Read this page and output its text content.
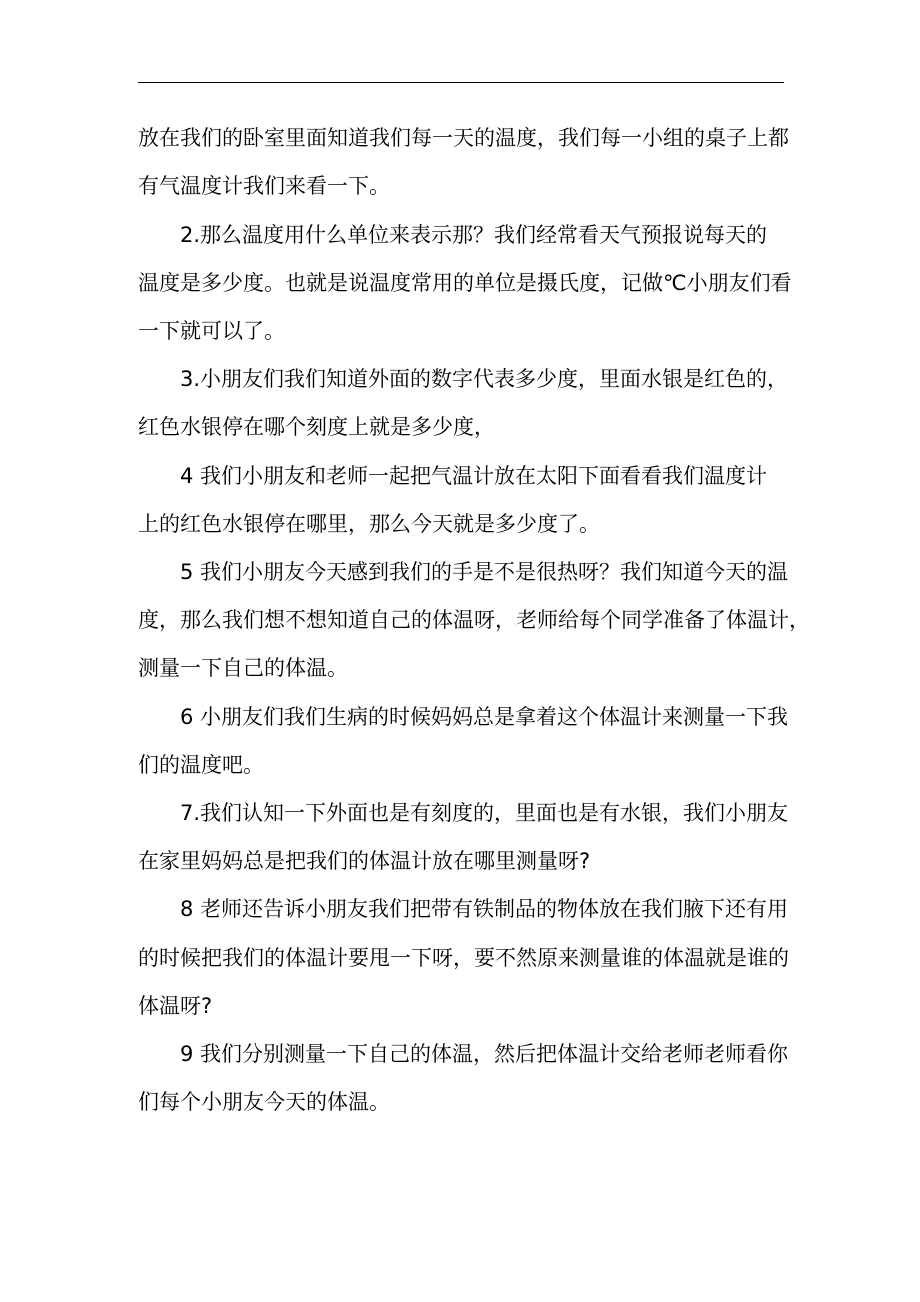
放在我们的卧室里面知道我们每一天的温度，我们每一小组的桌子上都
有气温度计我们来看一下。
2.那么温度用什么单位来表示那？我们经常看天气预报说每天的
温度是多少度。也就是说温度常用的单位是摄氏度，记做℃小朋友们看
一下就可以了。
3.小朋友们我们知道外面的数字代表多少度，里面水银是红色的，
红色水银停在哪个刻度上就是多少度，
4 我们小朋友和老师一起把气温计放在太阳下面看看我们温度计
上的红色水银停在哪里，那么今天就是多少度了。
5 我们小朋友今天感到我们的手是不是很热呀？我们知道今天的温
度，那么我们想不想知道自己的体温呀，老师给每个同学准备了体温计，
测量一下自己的体温。
6 小朋友们我们生病的时候妈妈总是拿着这个体温计来测量一下我
们的温度吧。
7.我们认知一下外面也是有刻度的，里面也是有水银，我们小朋友
在家里妈妈总是把我们的体温计放在哪里测量呀?
8 老师还告诉小朋友我们把带有铁制品的物体放在我们腋下还有用
的时候把我们的体温计要甩一下呀，要不然原来测量谁的体温就是谁的
体温呀?
9 我们分别测量一下自己的体温，然后把体温计交给老师老师看你
们每个小朋友今天的体温。
